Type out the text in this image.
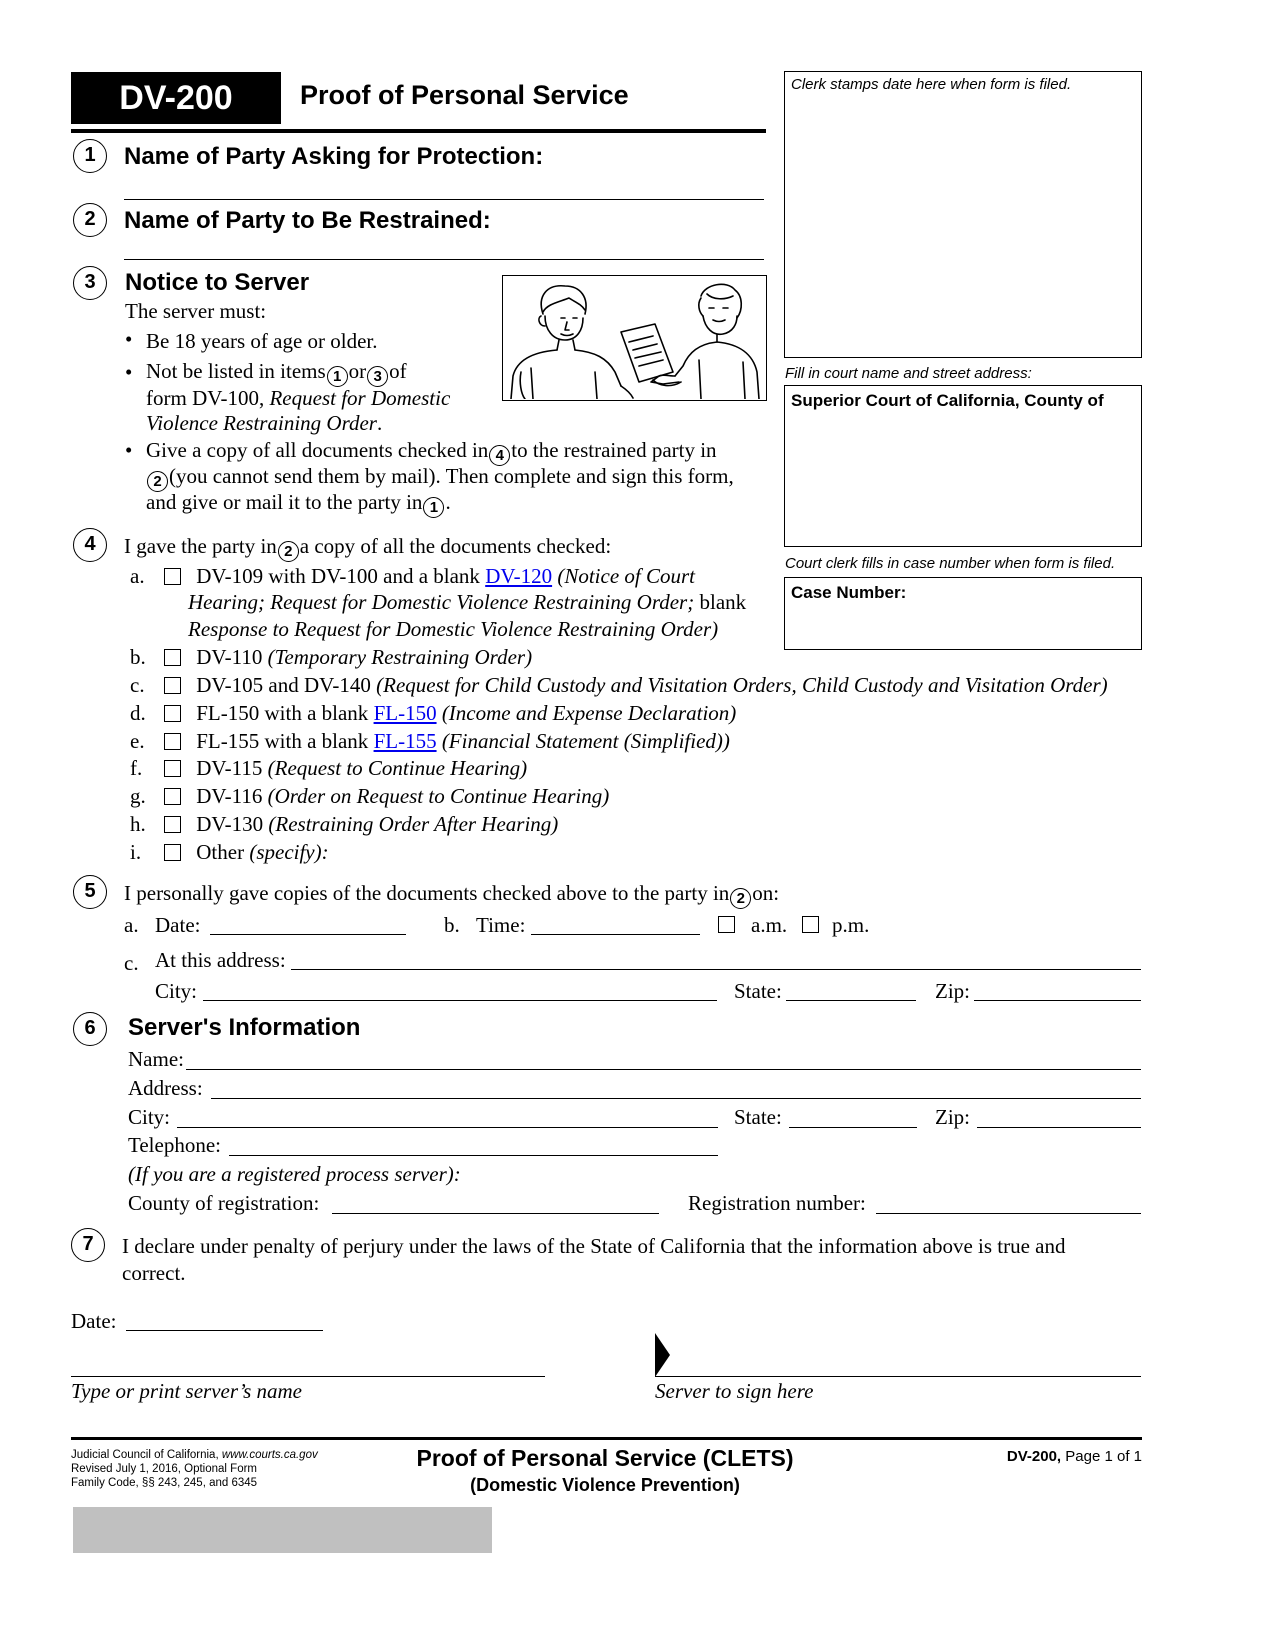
DV-200	Proof of Personal Service	Clerk stamps date here when form is filed.
Fill in court name and street address:
Superior Court of California, County of
Court clerk fills in case number when form is filed.
Case Number:
1	Name of Party Asking for Protection:
2	Name of Party to Be Restrained:
3	Notice to Server
The server must:
• Be 18 years of age or older.
• Not be listed in items 1 or 3 of
form DV-100, Request for Domestic
Violence Restraining Order.
• Give a copy of all documents checked in 4 to the restrained party in
2 (you cannot send them by mail). Then complete and sign this form,
and give or mail it to the party in 1 .
4	I gave the party in 2 a copy of all the documents checked:
a. DV-109 with DV-100 and a blank DV-120 (Notice of Court
Hearing; Request for Domestic Violence Restraining Order; blank
Response to Request for Domestic Violence Restraining Order)
b. DV-110 (Temporary Restraining Order)
c. DV-105 and DV-140 (Request for Child Custody and Visitation Orders, Child Custody and Visitation Order)
d. FL-150 with a blank FL-150 (Income and Expense Declaration)
e. FL-155 with a blank FL-155 (Financial Statement (Simplified))
f.	DV-115 (Request to Continue Hearing)
g. DV-116 (Order on Request to Continue Hearing)
h. DV-130 (Restraining Order After Hearing)
i.	Other (specify):
5	I personally gave copies of the documents checked above to the party in 2 on:
a. Date:	b. Time:	a.m. p.m.
c. At this address:
City:	State:	Zip:
6	Server's Information
Name:
Address:
City:	State:	Zip:
Telephone:
(If you are a registered process server):
County of registration:	Registration number:
7	I declare under penalty of perjury under the laws of the State of California that the information above is true and
correct.
Date:
Type or print server’s name	Server to sign here
Judicial Council of California, www.courts.ca.gov
Revised July 1, 2016, Optional Form
Family Code, §§ 243, 245, and 6345
Proof of Personal Service (CLETS)
(Domestic Violence Prevention)
DV-200, Page 1 of 1
